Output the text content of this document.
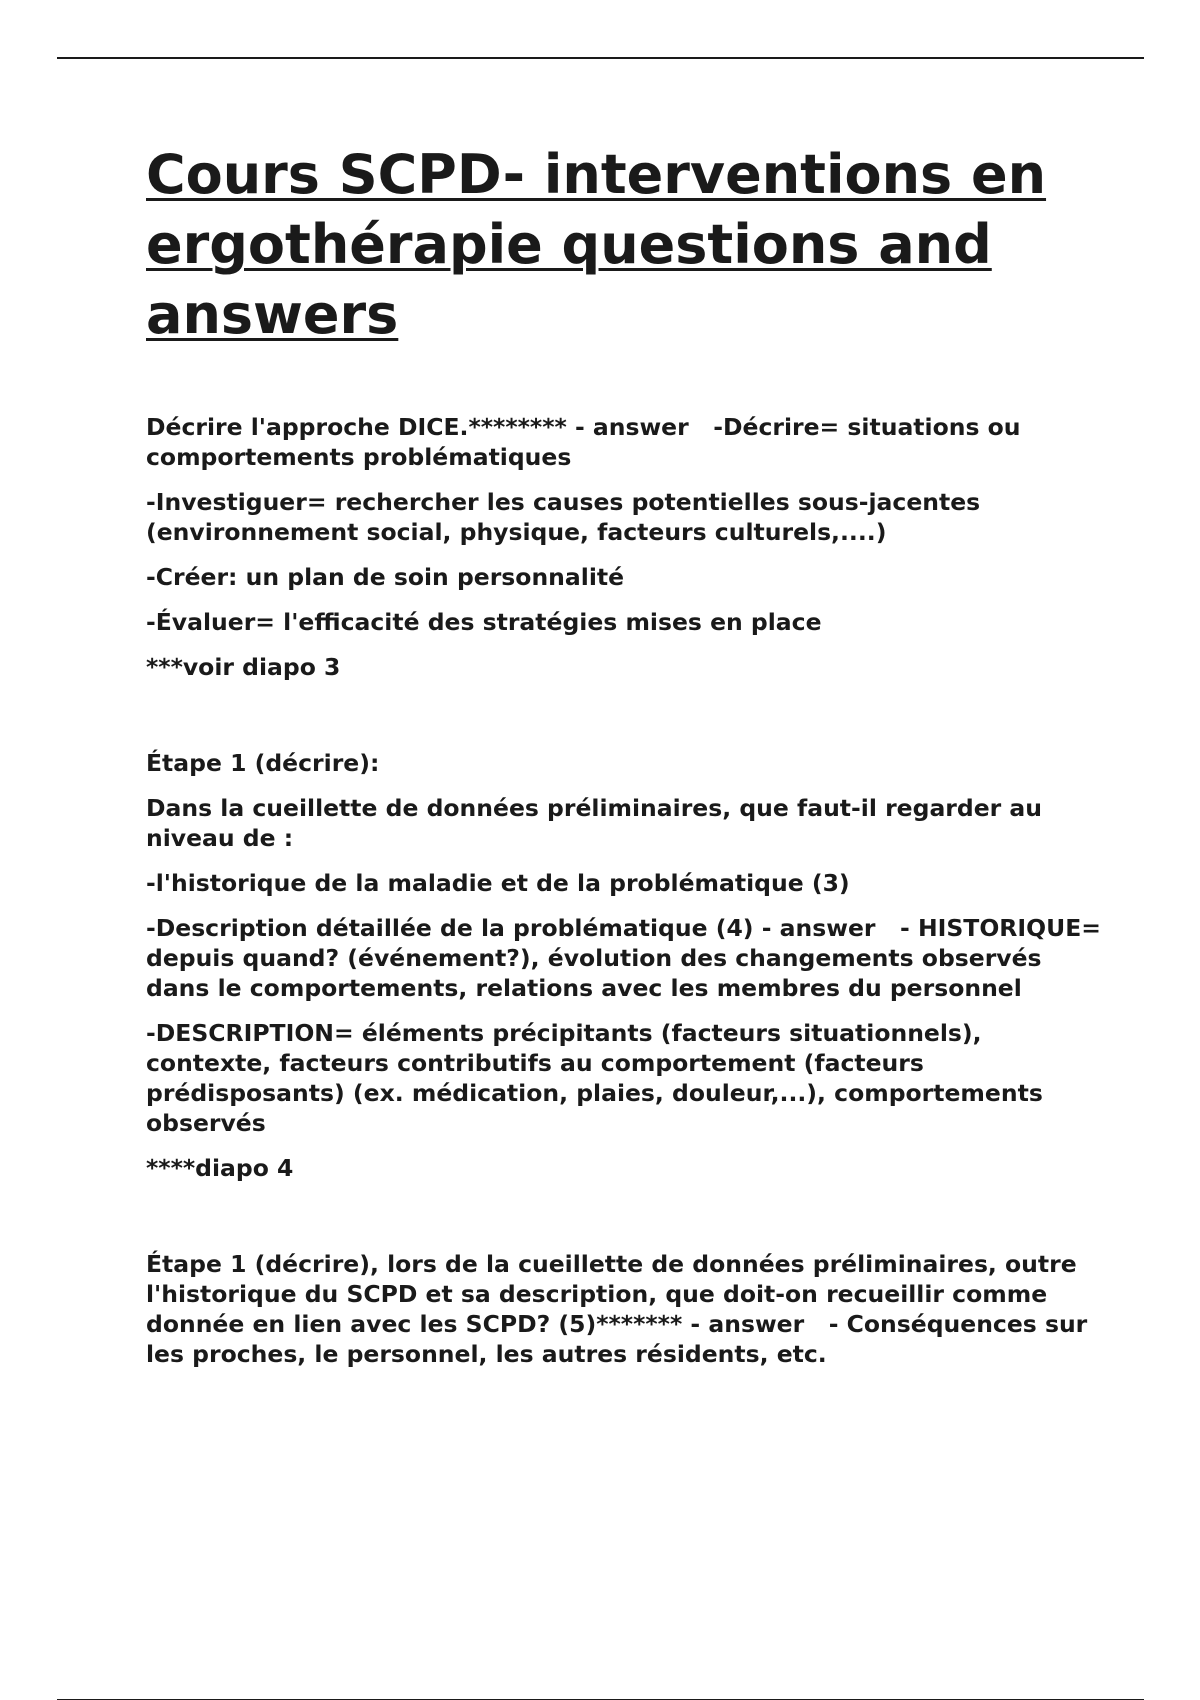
Cours SCPD- interventions en
ergothérapie questions and
answers

Décrire l'approche DICE.******** - answer   -Décrire= situations ou comportements problématiques

-Investiguer= rechercher les causes potentielles sous-jacentes (environnement social, physique, facteurs culturels,....)

-Créer: un plan de soin personnalité

-Évaluer= l'efficacité des stratégies mises en place

***voir diapo 3

Étape 1 (décrire):

Dans la cueillette de données préliminaires, que faut-il regarder au niveau de :

-l'historique de la maladie et de la problématique (3)

-Description détaillée de la problématique (4) - answer   - HISTORIQUE= depuis quand? (événement?), évolution des changements observés dans le comportements, relations avec les membres du personnel

-DESCRIPTION= éléments précipitants (facteurs situationnels), contexte, facteurs contributifs au comportement (facteurs prédisposants) (ex. médication, plaies, douleur,...), comportements observés

****diapo 4

Étape 1 (décrire), lors de la cueillette de données préliminaires, outre l'historique du SCPD et sa description, que doit-on recueillir comme donnée en lien avec les SCPD? (5)******* - answer   - Conséquences sur les proches, le personnel, les autres résidents, etc.
